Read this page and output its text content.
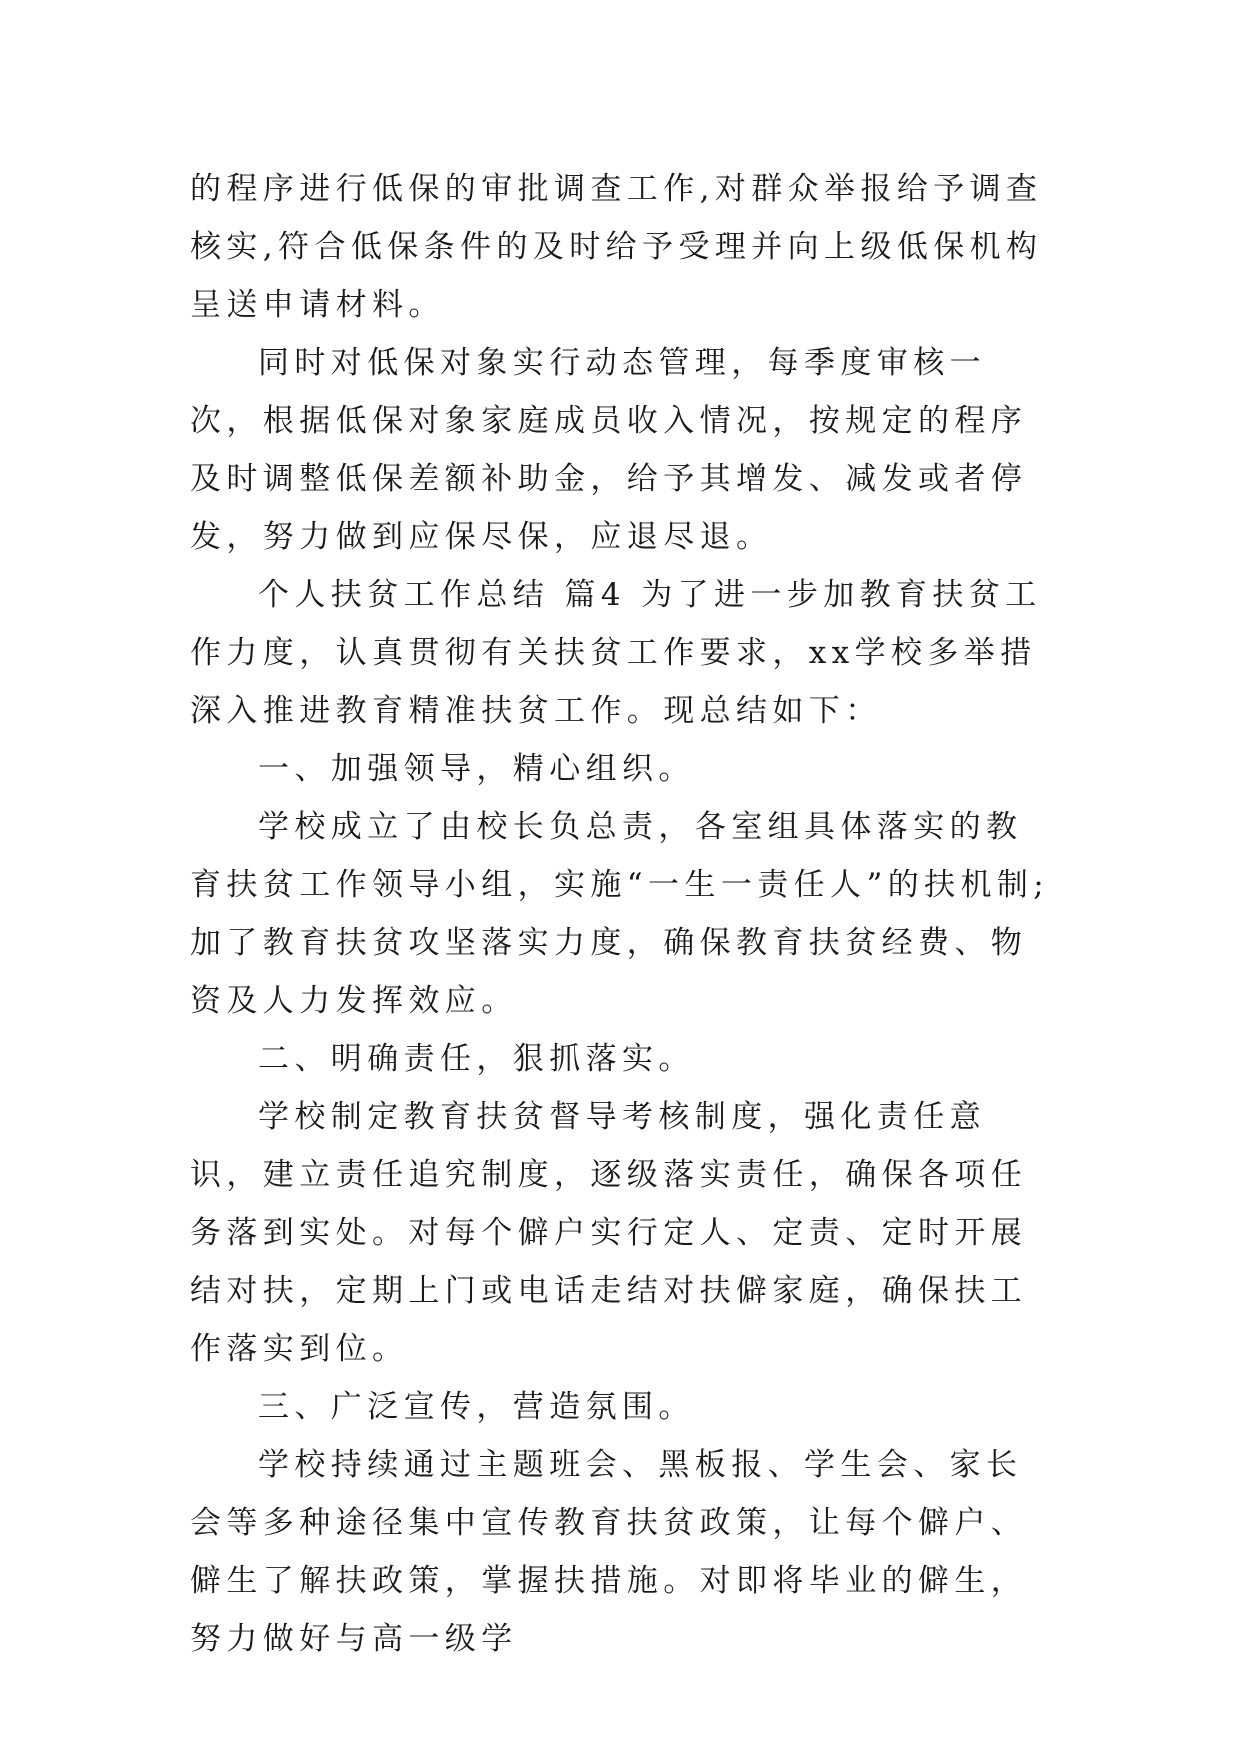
的程序进行低保的审批调查工作,对群众举报给予调查核实,符合低保条件的及时给予受理并向上级低保机构呈送申请材料。

同时对低保对象实行动态管理，每季度审核一次，根据低保对象家庭成员收入情况，按规定的程序及时调整低保差额补助金，给予其增发、减发或者停发，努力做到应保尽保，应退尽退。

个人扶贫工作总结 篇4 为了进一步加教育扶贫工作力度，认真贯彻有关扶贫工作要求，xx学校多举措深入推进教育精准扶贫工作。现总结如下：

一、加强领导，精心组织。

学校成立了由校长负总责，各室组具体落实的教育扶贫工作领导小组，实施“一生一责任人”的扶机制;加了教育扶贫攻坚落实力度，确保教育扶贫经费、物资及人力发挥效应。

二、明确责任，狠抓落实。

学校制定教育扶贫督导考核制度，强化责任意识，建立责任追究制度，逐级落实责任，确保各项任务落到实处。对每个僻户实行定人、定责、定时开展结对扶，定期上门或电话走结对扶僻家庭，确保扶工作落实到位。

三、广泛宣传，营造氛围。

学校持续通过主题班会、黑板报、学生会、家长会等多种途径集中宣传教育扶贫政策，让每个僻户、僻生了解扶政策，掌握扶措施。对即将毕业的僻生，努力做好与高一级学
